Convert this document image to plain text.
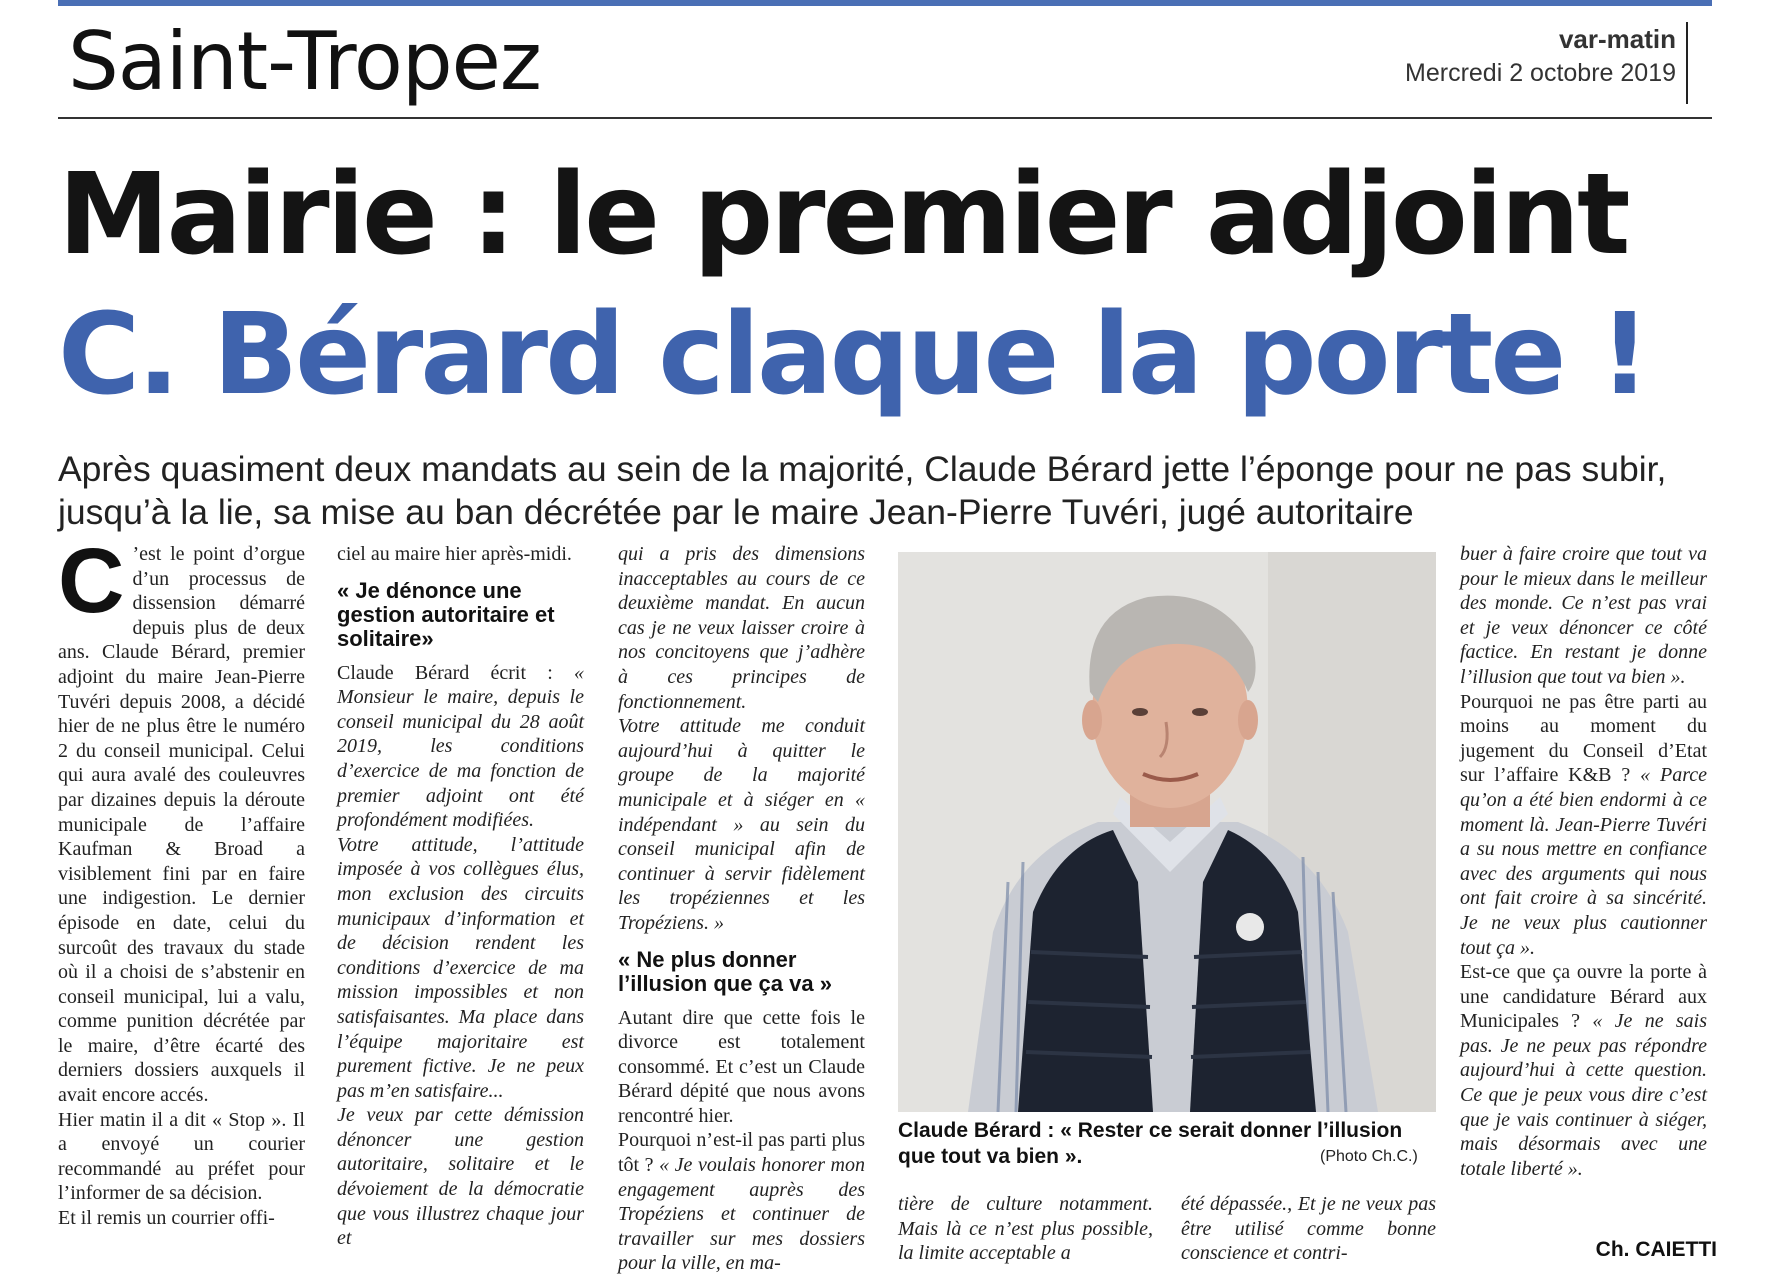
Saint-Tropez	var-matin
Mercredi 2 octobre 2019
Mairie : le premier adjoint
C. Bérard claque la porte !
Après quasiment deux mandats au sein de la majorité, Claude Bérard jette l’éponge pour ne pas subir, jusqu’à la lie, sa mise au ban décrétée par le maire Jean-Pierre Tuvéri, jugé autoritaire

C ’est le point d’orgue d’un processus de dissension démarré depuis plus de deux ans. Claude Bérard, premier adjoint du maire Jean-Pierre Tuvéri depuis 2008, a décidé hier de ne plus être le numéro 2 du conseil municipal. Celui qui aura avalé des couleuvres par dizaines depuis la déroute municipale de l’affaire Kaufman & Broad a visiblement fini par en faire une indigestion. Le dernier épisode en date, celui du surcoût des travaux du stade où il a choisi de s’abstenir en conseil municipal, lui a valu, comme punition décrétée par le maire, d’être écarté des derniers dossiers auxquels il avait encore accés.

Hier matin il a dit « Stop ». Il a envoyé un courier recommandé au préfet pour l’informer de sa décision.

Et il remis un courrier offi-

ciel au maire hier après-midi.

« Je dénonce une gestion autoritaire et solitaire»

Claude Bérard écrit : « Monsieur le maire, depuis le conseil municipal du 28 août 2019, les conditions d’exercice de ma fonction de premier adjoint ont été profondément modifiées.

Votre attitude, l’attitude imposée à vos collègues élus, mon exclusion des circuits municipaux d’information et de décision rendent les conditions d’exercice de ma mission impossibles et non satisfaisantes. Ma place dans l’équipe majoritaire est purement fictive. Je ne peux pas m’en satisfaire...

Je veux par cette démission dénoncer une gestion autoritaire, solitaire et le dévoiement de la démocratie que vous illustrez chaque jour et

qui a pris des dimensions inacceptables au cours de ce deuxième mandat. En aucun cas je ne veux laisser croire à nos concitoyens que j’adhère à ces principes de fonctionnement.

Votre attitude me conduit aujourd’hui à quitter le groupe de la majorité municipale et à siéger en « indépendant » au sein du conseil municipal afin de continuer à servir fidèlement les tropéziennes et les Tropéziens. »

« Ne plus donner l’illusion que ça va »

Autant dire que cette fois le divorce est totalement consommé. Et c’est un Claude Bérard dépité que nous avons rencontré hier.

Pourquoi n’est-il pas parti plus tôt ? « Je voulais honorer mon engagement auprès des Tropéziens et continuer de travailler sur mes dossiers pour la ville, en ma-

Claude Bérard : « Rester ce serait donner l’illusion que tout va bien ».	(Photo Ch.C.)

tière de culture notamment. Mais là ce n’est plus possible, la limite acceptable a

été dépassée., Et je ne veux pas être utilisé comme bonne conscience et contri-

buer à faire croire que tout va pour le mieux dans le meilleur des monde. Ce n’est pas vrai et je veux dénoncer ce côté factice. En restant je donne l’illusion que tout va bien ».

Pourquoi ne pas être parti au moins au moment du jugement du Conseil d’Etat sur l’affaire K&B ? « Parce qu’on a été bien endormi à ce moment là. Jean-Pierre Tuvéri a su nous mettre en confiance avec des arguments qui nous ont fait croire à sa sincérité. Je ne veux plus cautionner tout ça ».

Est-ce que ça ouvre la porte à une candidature Bérard aux Municipales ? « Je ne sais pas. Je ne peux pas répondre aujourd’hui à cette question. Ce que je peux vous dire c’est que je vais continuer à siéger, mais désormais avec une totale liberté ».

Ch. CAIETTI
